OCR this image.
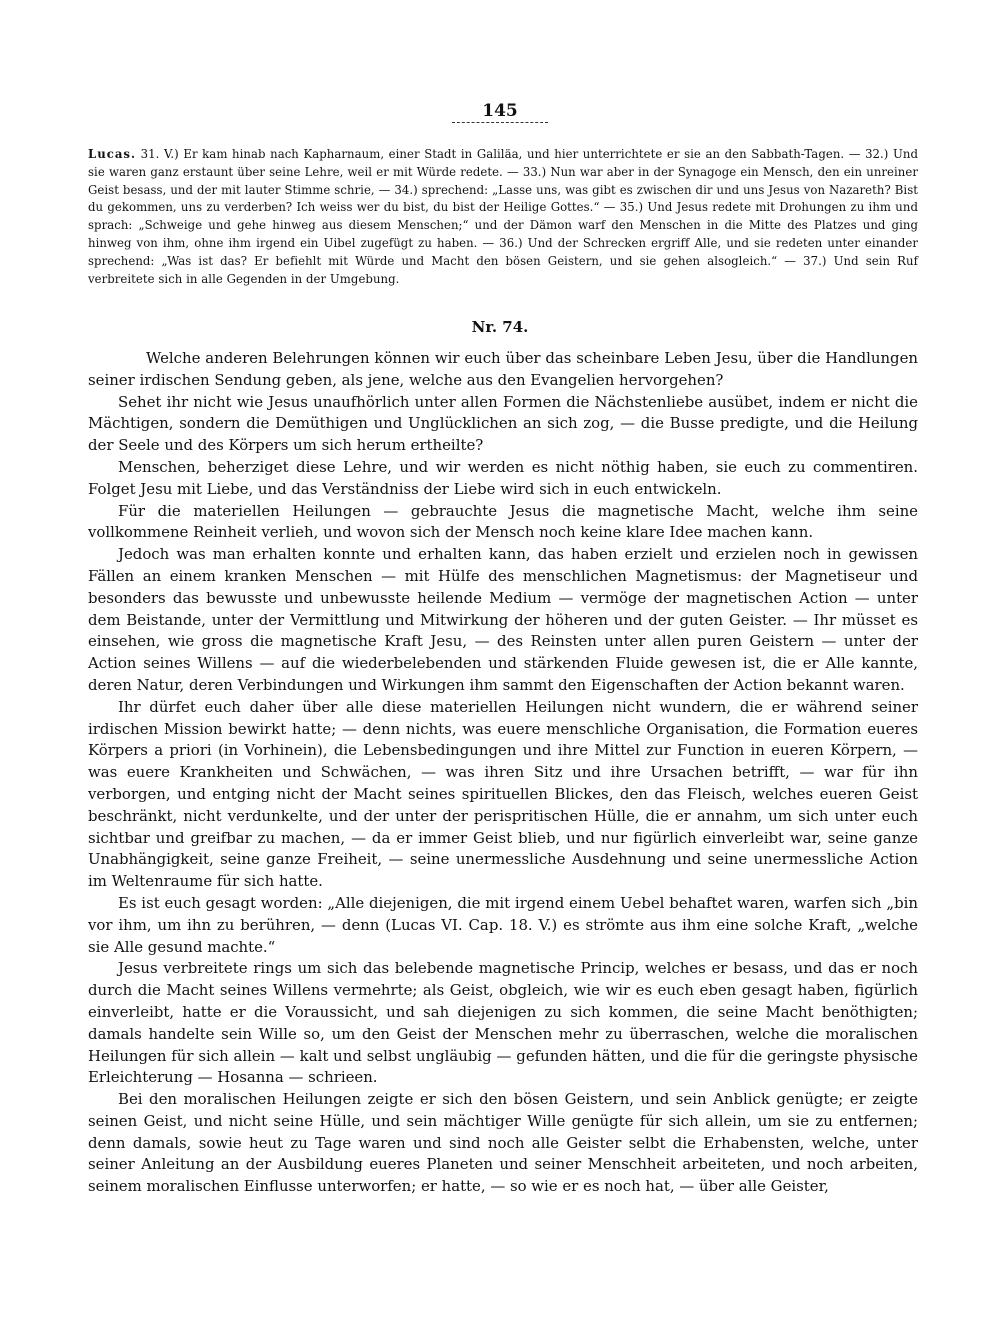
145
Lucas. 31. V.) Er kam hinab nach Kapharnaum, einer Stadt in Galiläa, und hier unterrichtete er sie an den Sabbath-Tagen. — 32.) Und sie waren ganz erstaunt über seine Lehre, weil er mit Würde redete. — 33.) Nun war aber in der Synagoge ein Mensch, den ein unreiner Geist besass, und der mit lauter Stimme schrie, — 34.) sprechend: „Lasse uns, was gibt es zwischen dir und uns Jesus von Nazareth? Bist du gekommen, uns zu verderben? Ich weiss wer du bist, du bist der Heilige Gottes.“ — 35.) Und Jesus redete mit Drohungen zu ihm und sprach: „Schweige und gehe hinweg aus diesem Menschen;“ und der Dämon warf den Menschen in die Mitte des Platzes und ging hinweg von ihm, ohne ihm irgend ein Uibel zugefügt zu haben. — 36.) Und der Schrecken ergriff Alle, und sie redeten unter einander sprechend: „Was ist das? Er befiehlt mit Würde und Macht den bösen Geistern, und sie gehen alsogleich.“ — 37.) Und sein Ruf verbreitete sich in alle Gegenden in der Umgebung.
Nr. 74.

Welche anderen Belehrungen können wir euch über das scheinbare Leben Jesu, über die Handlungen seiner irdischen Sendung geben, als jene, welche aus den Evangelien hervorgehen?

Sehet ihr nicht wie Jesus unaufhörlich unter allen Formen die Nächstenliebe ausübet, indem er nicht die Mächtigen, sondern die Demüthigen und Unglücklichen an sich zog, — die Busse predigte, und die Heilung der Seele und des Körpers um sich herum ertheilte?

Menschen, beherziget diese Lehre, und wir werden es nicht nöthig haben, sie euch zu commentiren. Folget Jesu mit Liebe, und das Verständniss der Liebe wird sich in euch entwickeln.

Für die materiellen Heilungen — gebrauchte Jesus die magnetische Macht, welche ihm seine vollkommene Reinheit verlieh, und wovon sich der Mensch noch keine klare Idee machen kann.

Jedoch was man erhalten konnte und erhalten kann, das haben erzielt und erzielen noch in gewissen Fällen an einem kranken Menschen — mit Hülfe des menschlichen Magnetismus: der Magnetiseur und besonders das bewusste und unbewusste heilende Medium — vermöge der magnetischen Action — unter dem Beistande, unter der Vermittlung und Mitwirkung der höheren und der guten Geister. — Ihr müsset es einsehen, wie gross die magnetische Kraft Jesu, — des Reinsten unter allen puren Geistern — unter der Action seines Willens — auf die wiederbelebenden und stärkenden Fluide gewesen ist, die er Alle kannte, deren Natur, deren Verbindungen und Wirkungen ihm sammt den Eigenschaften der Action bekannt waren.

Ihr dürfet euch daher über alle diese materiellen Heilungen nicht wundern, die er während seiner irdischen Mission bewirkt hatte; — denn nichts, was euere menschliche Organisation, die Formation eueres Körpers a priori (in Vorhinein), die Lebensbedingungen und ihre Mittel zur Function in eueren Körpern, — was euere Krankheiten und Schwächen, — was ihren Sitz und ihre Ursachen betrifft, — war für ihn verborgen, und entging nicht der Macht seines spirituellen Blickes, den das Fleisch, welches eueren Geist beschränkt, nicht verdunkelte, und der unter der perispritischen Hülle, die er annahm, um sich unter euch sichtbar und greifbar zu machen, — da er immer Geist blieb, und nur figürlich einverleibt war, seine ganze Unabhängigkeit, seine ganze Freiheit, — seine unermessliche Ausdehnung und seine unermessliche Action im Weltenraume für sich hatte.

Es ist euch gesagt worden: „Alle diejenigen, die mit irgend einem Uebel behaftet waren, warfen sich „bin vor ihm, um ihn zu berühren, — denn (Lucas VI. Cap. 18. V.) es strömte aus ihm eine solche Kraft, „welche sie Alle gesund machte.“

Jesus verbreitete rings um sich das belebende magnetische Princip, welches er besass, und das er noch durch die Macht seines Willens vermehrte; als Geist, obgleich, wie wir es euch eben gesagt haben, figürlich einverleibt, hatte er die Voraussicht, und sah diejenigen zu sich kommen, die seine Macht benöthigten; damals handelte sein Wille so, um den Geist der Menschen mehr zu überraschen, welche die moralischen Heilungen für sich allein — kalt und selbst ungläubig — gefunden hätten, und die für die geringste physische Erleichterung — Hosanna — schrieen.

Bei den moralischen Heilungen zeigte er sich den bösen Geistern, und sein Anblick genügte; er zeigte seinen Geist, und nicht seine Hülle, und sein mächtiger Wille genügte für sich allein, um sie zu entfernen; denn damals, sowie heut zu Tage waren und sind noch alle Geister selbt die Erhabensten, welche, unter seiner Anleitung an der Ausbildung eueres Planeten und seiner Menschheit arbeiteten, und noch arbeiten, seinem moralischen Einflusse unterworfen; er hatte, — so wie er es noch hat, — über alle Geister,
